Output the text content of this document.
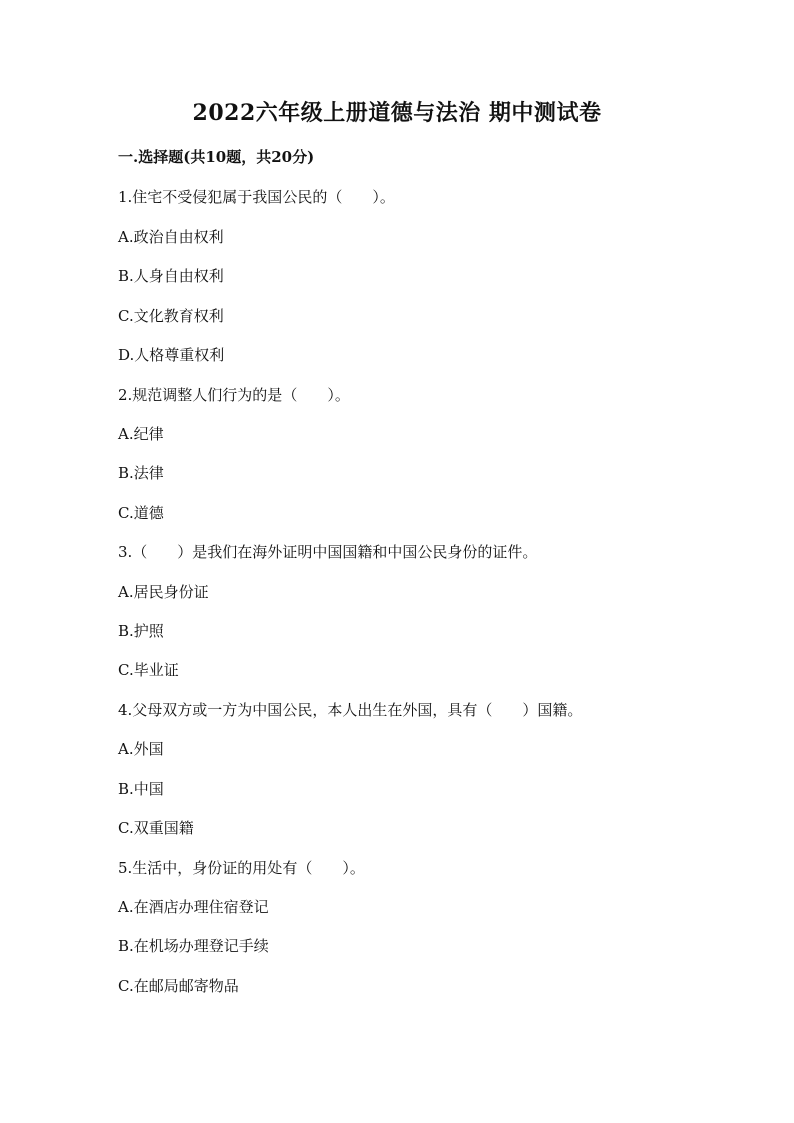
2022六年级上册道德与法治 期中测试卷
一.选择题(共10题，共20分)
1.住宅不受侵犯属于我国公民的（　　）。
A.政治自由权利
B.人身自由权利
C.文化教育权利
D.人格尊重权利
2.规范调整人们行为的是（　　）。
A.纪律
B.法律
C.道德
3.（　　）是我们在海外证明中国国籍和中国公民身份的证件。
A.居民身份证
B.护照
C.毕业证
4.父母双方或一方为中国公民，本人出生在外国，具有（　　）国籍。
A.外国
B.中国
C.双重国籍
5.生活中，身份证的用处有（　　）。
A.在酒店办理住宿登记
B.在机场办理登记手续
C.在邮局邮寄物品
